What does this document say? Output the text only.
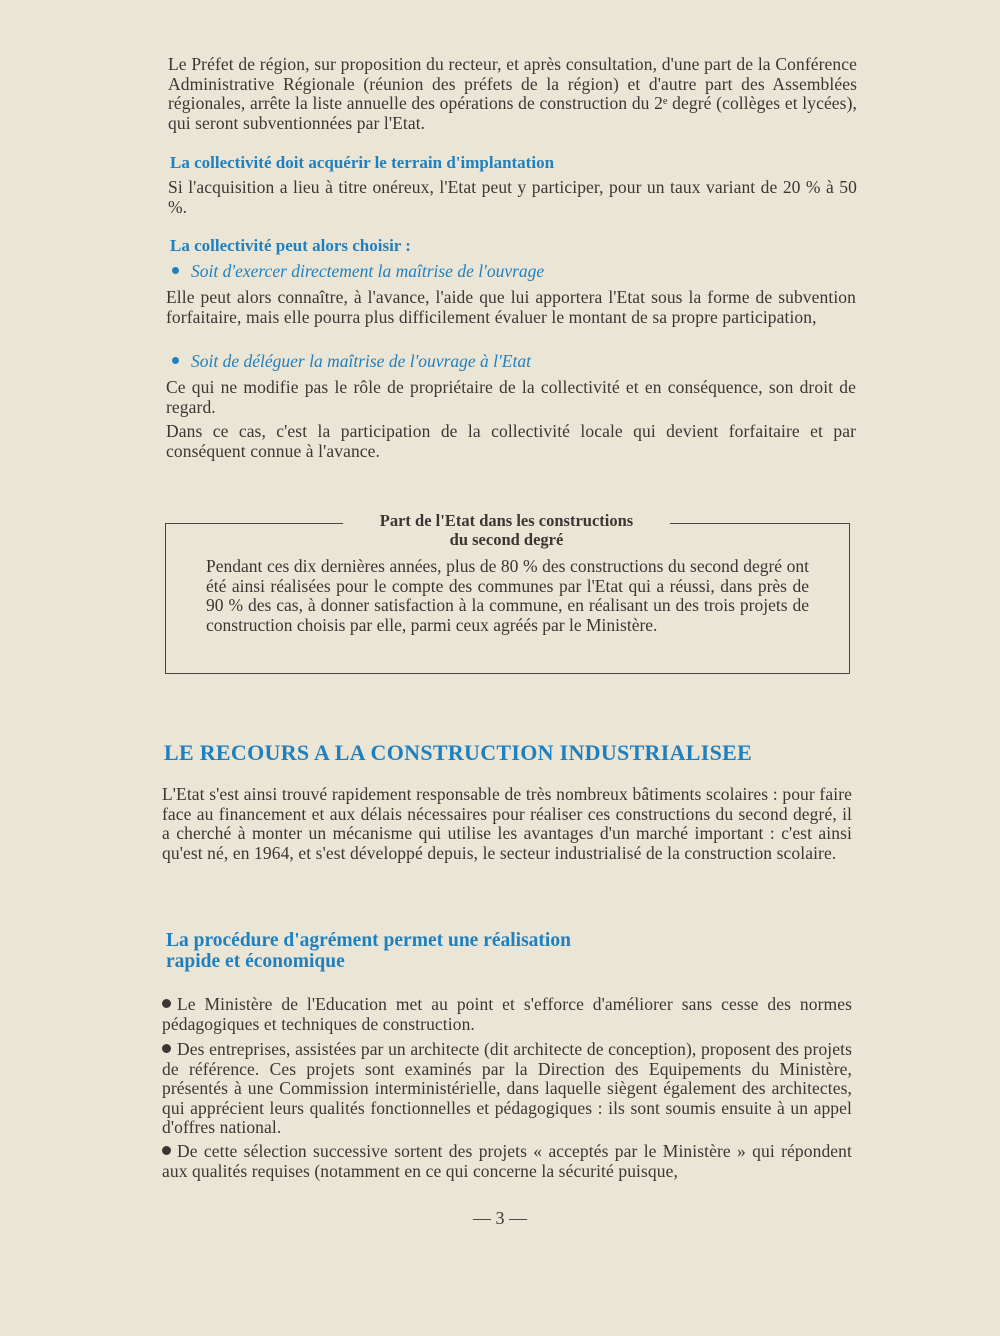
Le Préfet de région, sur proposition du recteur, et après consultation, d'une part de la Conférence Administrative Régionale (réunion des préfets de la région) et d'autre part des Assemblées régionales, arrête la liste annuelle des opérations de construction du 2ᵉ degré (collèges et lycées), qui seront subventionnées par l'Etat.

La collectivité doit acquérir le terrain d'implantation

Si l'acquisition a lieu à titre onéreux, l'Etat peut y participer, pour un taux variant de 20 % à 50 %.

La collectivité peut alors choisir :

Soit d'exercer directement la maîtrise de l'ouvrage

Elle peut alors connaître, à l'avance, l'aide que lui apportera l'Etat sous la forme de subvention forfaitaire, mais elle pourra plus difficilement évaluer le montant de sa propre participation,

Soit de déléguer la maîtrise de l'ouvrage à l'Etat

Ce qui ne modifie pas le rôle de propriétaire de la collectivité et en conséquence, son droit de regard.

Dans ce cas, c'est la participation de la collectivité locale qui devient forfaitaire et par conséquent connue à l'avance.

Part de l'Etat dans les constructions
du second degré

Pendant ces dix dernières années, plus de 80 % des constructions du second degré ont été ainsi réalisées pour le compte des communes par l'Etat qui a réussi, dans près de 90 % des cas, à donner satisfaction à la commune, en réalisant un des trois projets de construction choisis par elle, parmi ceux agréés par le Ministère.

LE RECOURS A LA CONSTRUCTION INDUSTRIALISEE

L'Etat s'est ainsi trouvé rapidement responsable de très nombreux bâtiments scolaires : pour faire face au financement et aux délais nécessaires pour réaliser ces constructions du second degré, il a cherché à monter un mécanisme qui utilise les avantages d'un marché important : c'est ainsi qu'est né, en 1964, et s'est développé depuis, le secteur industrialisé de la construction scolaire.

La procédure d'agrément permet une réalisation
rapide et économique

Le Ministère de l'Education met au point et s'efforce d'améliorer sans cesse des normes pédagogiques et techniques de construction.

Des entreprises, assistées par un architecte (dit architecte de conception), proposent des projets de référence. Ces projets sont examinés par la Direction des Equipements du Ministère, présentés à une Commission interministérielle, dans laquelle siègent également des architectes, qui apprécient leurs qualités fonctionnelles et pédagogiques : ils sont soumis ensuite à un appel d'offres national.

De cette sélection successive sortent des projets « acceptés par le Ministère » qui répondent aux qualités requises (notamment en ce qui concerne la sécurité puisque,

— 3 —
